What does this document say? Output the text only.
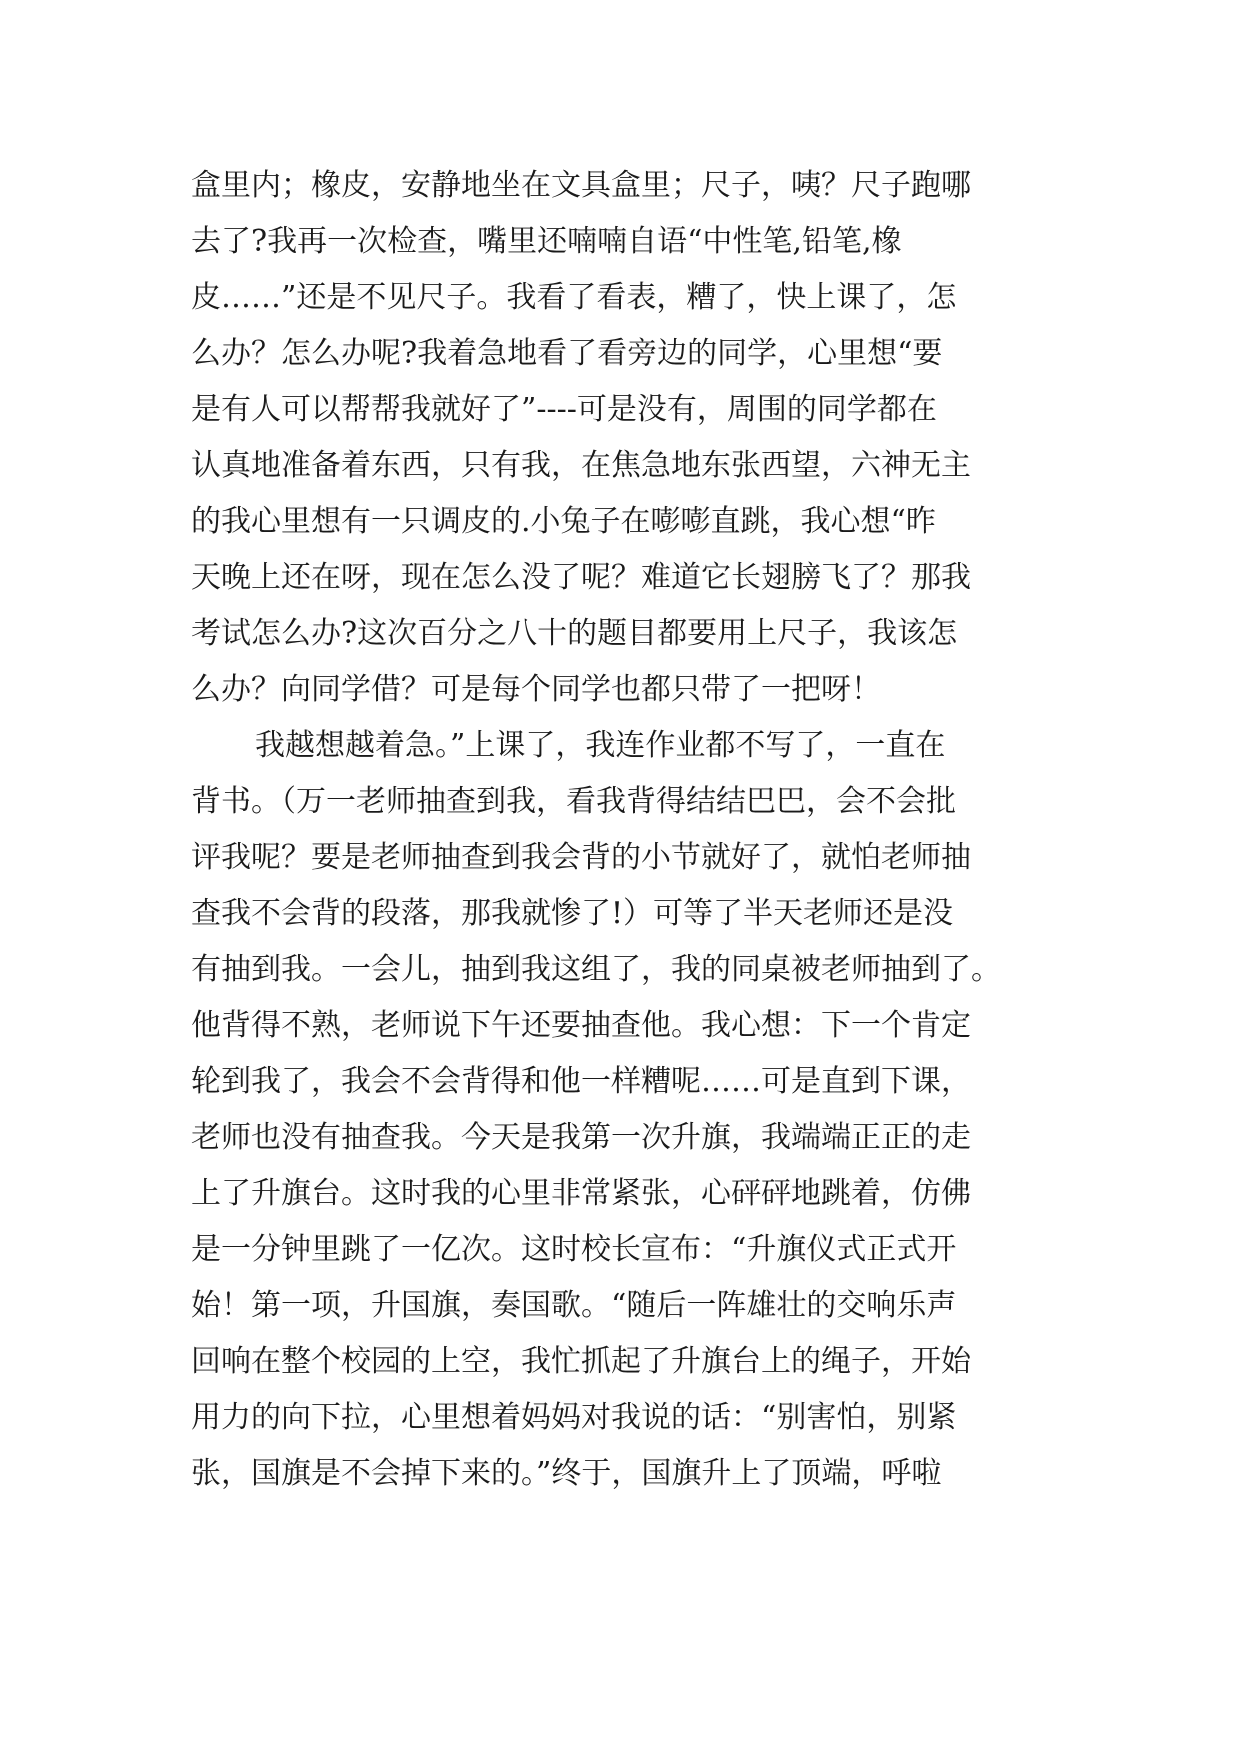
盒里内；橡皮，安静地坐在文具盒里；尺子，咦？尺子跑哪
去了?我再一次检查，嘴里还喃喃自语“中性笔,铅笔,橡
皮……”还是不见尺子。我看了看表，糟了，快上课了，怎
么办？怎么办呢?我着急地看了看旁边的同学，心里想“要
是有人可以帮帮我就好了”----可是没有，周围的同学都在
认真地准备着东西，只有我，在焦急地东张西望，六神无主
的我心里想有一只调皮的.小兔子在嘭嘭直跳，我心想“昨
天晚上还在呀，现在怎么没了呢？难道它长翅膀飞了？那我
考试怎么办?这次百分之八十的题目都要用上尺子，我该怎
么办？向同学借？可是每个同学也都只带了一把呀！
我越想越着急。”上课了，我连作业都不写了，一直在
背书。（万一老师抽查到我，看我背得结结巴巴，会不会批
评我呢？要是老师抽查到我会背的小节就好了，就怕老师抽
查我不会背的段落，那我就惨了!）可等了半天老师还是没
有抽到我。一会儿，抽到我这组了，我的同桌被老师抽到了。
他背得不熟，老师说下午还要抽查他。我心想：下一个肯定
轮到我了，我会不会背得和他一样糟呢……可是直到下课，
老师也没有抽查我。今天是我第一次升旗，我端端正正的走
上了升旗台。这时我的心里非常紧张，心砰砰地跳着，仿佛
是一分钟里跳了一亿次。这时校长宣布：“升旗仪式正式开
始！第一项，升国旗，奏国歌。“随后一阵雄壮的交响乐声
回响在整个校园的上空，我忙抓起了升旗台上的绳子，开始
用力的向下拉，心里想着妈妈对我说的话：“别害怕，别紧
张，国旗是不会掉下来的。”终于，国旗升上了顶端，呼啦
